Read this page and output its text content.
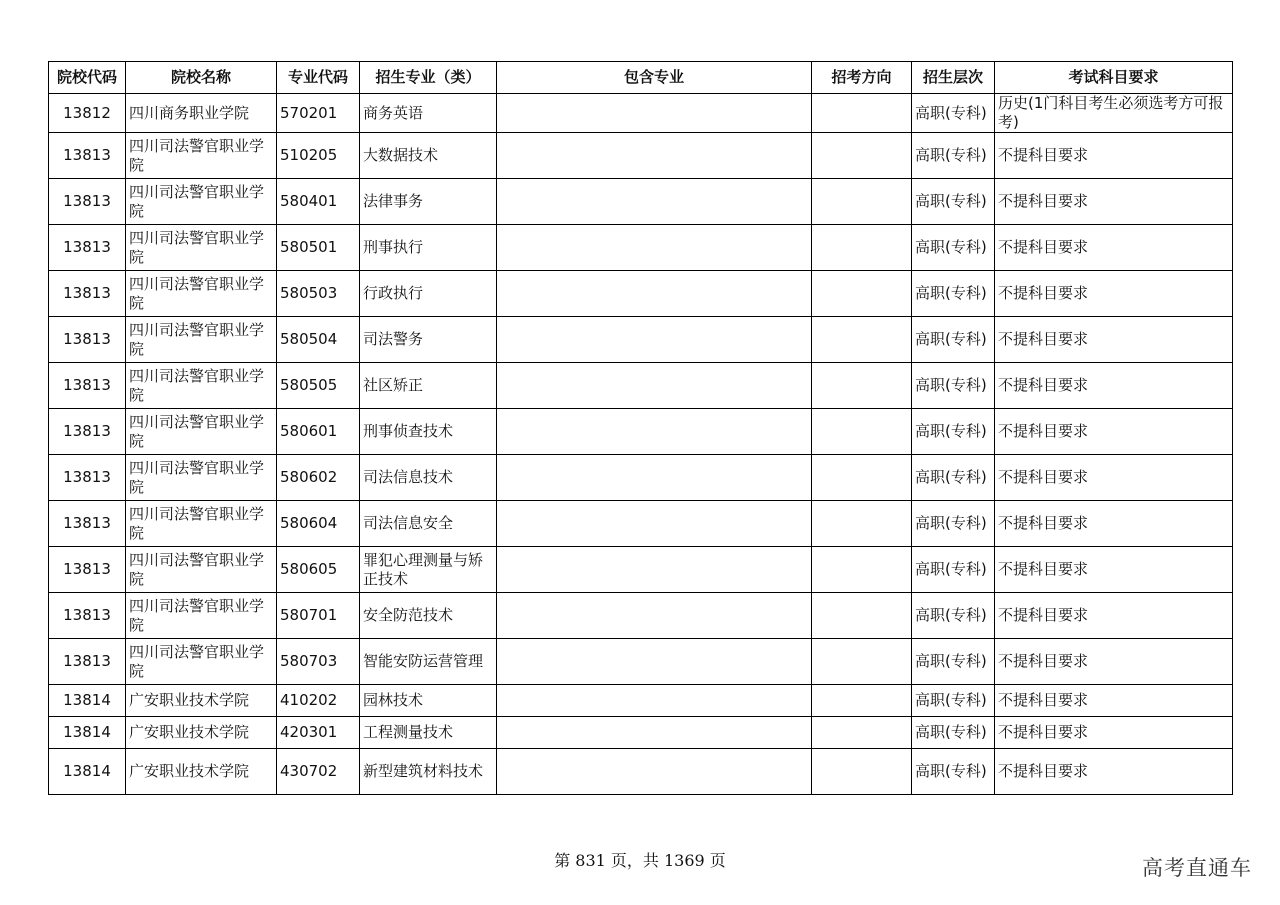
院校代码	院校名称	专业代码	招生专业（类）	包含专业	招考方向	招生层次	考试科目要求
13812	四川商务职业学院	570201	商务英语			高职(专科)	历史(1门科目考生必须选考方可报考)
13813	四川司法警官职业学院	510205	大数据技术			高职(专科)	不提科目要求
13813	四川司法警官职业学院	580401	法律事务			高职(专科)	不提科目要求
13813	四川司法警官职业学院	580501	刑事执行			高职(专科)	不提科目要求
13813	四川司法警官职业学院	580503	行政执行			高职(专科)	不提科目要求
13813	四川司法警官职业学院	580504	司法警务			高职(专科)	不提科目要求
13813	四川司法警官职业学院	580505	社区矫正			高职(专科)	不提科目要求
13813	四川司法警官职业学院	580601	刑事侦查技术			高职(专科)	不提科目要求
13813	四川司法警官职业学院	580602	司法信息技术			高职(专科)	不提科目要求
13813	四川司法警官职业学院	580604	司法信息安全			高职(专科)	不提科目要求
13813	四川司法警官职业学院	580605	罪犯心理测量与矫正技术			高职(专科)	不提科目要求
13813	四川司法警官职业学院	580701	安全防范技术			高职(专科)	不提科目要求
13813	四川司法警官职业学院	580703	智能安防运营管理			高职(专科)	不提科目要求
13814	广安职业技术学院	410202	园林技术			高职(专科)	不提科目要求
13814	广安职业技术学院	420301	工程测量技术			高职(专科)	不提科目要求
13814	广安职业技术学院	430702	新型建筑材料技术			高职(专科)	不提科目要求
第 831 页，共 1369 页	高考直通车
